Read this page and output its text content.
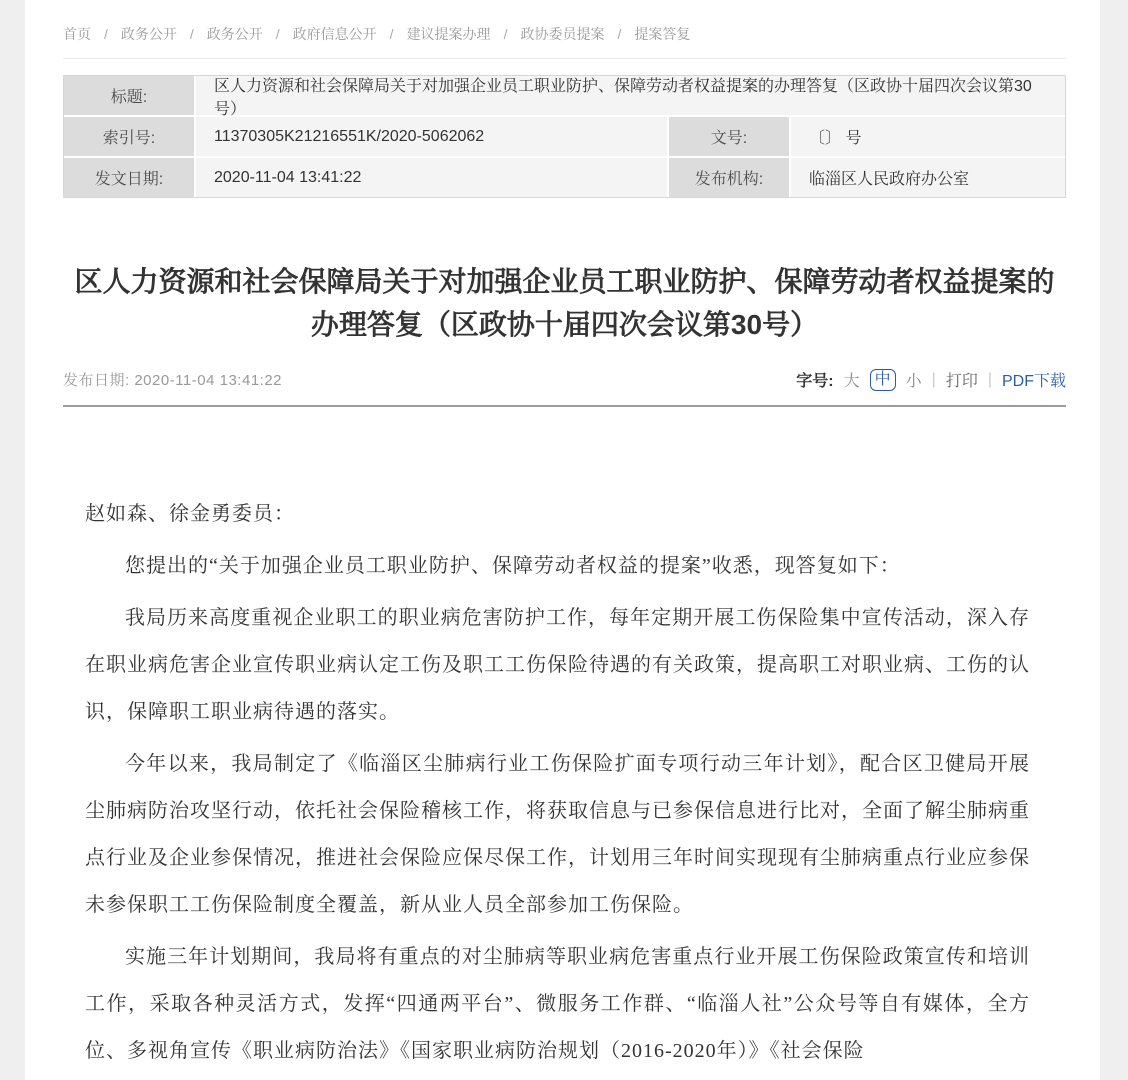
首页 / 政务公开 / 政务公开 / 政府信息公开 / 建议提案办理 / 政协委员提案 / 提案答复
标题:
区人力资源和社会保障局关于对加强企业员工职业防护、保障劳动者权益提案的办理答复（区政协十届四次会议第30号）
索引号:	11370305K21216551K/2020-5062062	文号:	〔〕 号
发文日期:	2020-11-04 13:41:22	发布机构:	临淄区人民政府办公室
区人力资源和社会保障局关于对加强企业员工职业防护、保障劳动者权益提案的办理答复（区政协十届四次会议第30号）
发布日期: 2020-11-04 13:41:22	字号: 大 中 小 | 打印 | PDF下载

赵如森、徐金勇委员：

您提出的“关于加强企业员工职业防护、保障劳动者权益的提案”收悉，现答复如下：

我局历来高度重视企业职工的职业病危害防护工作，每年定期开展工伤保险集中宣传活动，深入存在职业病危害企业宣传职业病认定工伤及职工工伤保险待遇的有关政策，提高职工对职业病、工伤的认识，保障职工职业病待遇的落实。

今年以来，我局制定了《临淄区尘肺病行业工伤保险扩面专项行动三年计划》，配合区卫健局开展尘肺病防治攻坚行动，依托社会保险稽核工作，将获取信息与已参保信息进行比对，全面了解尘肺病重点行业及企业参保情况，推进社会保险应保尽保工作，计划用三年时间实现现有尘肺病重点行业应参保未参保职工工伤保险制度全覆盖，新从业人员全部参加工伤保险。

实施三年计划期间，我局将有重点的对尘肺病等职业病危害重点行业开展工伤保险政策宣传和培训工作，采取各种灵活方式，发挥“四通两平台”、微服务工作群、“临淄人社”公众号等自有媒体，全方位、多视角宣传《职业病防治法》《国家职业病防治规划（2016-2020年）》《社会保险
